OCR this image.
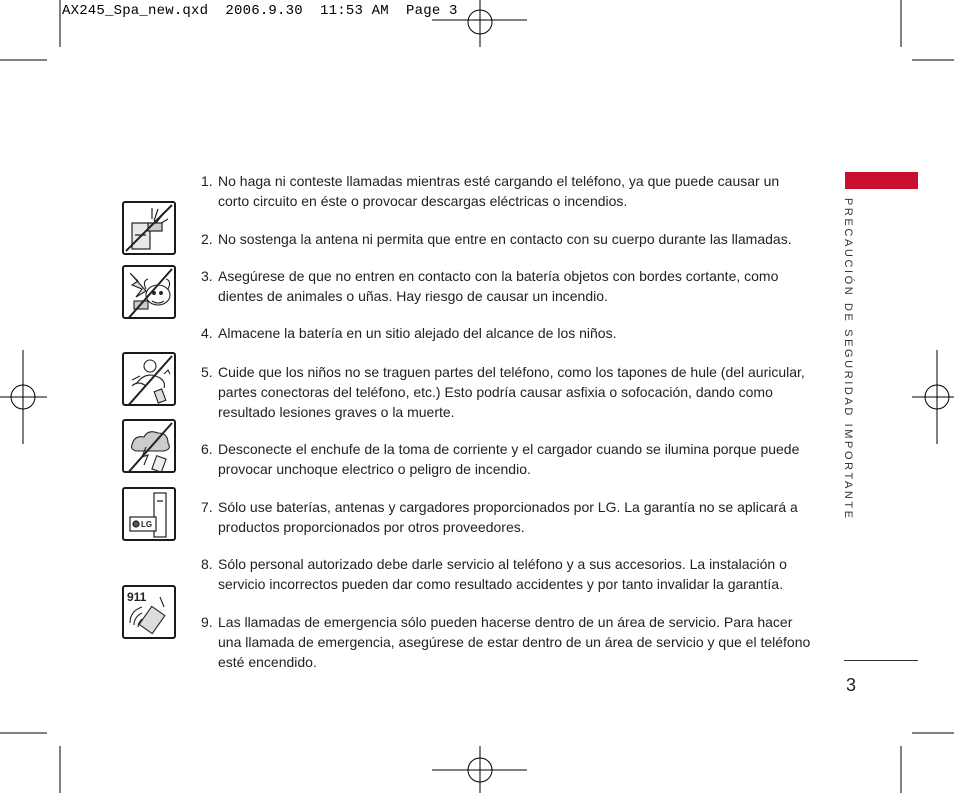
AX245_Spa_new.qxd  2006.9.30  11:53 AM  Page 3
LG
911
1. No haga ni conteste llamadas mientras esté cargando el teléfono, ya que puede causar un corto circuito en éste o provocar descargas eléctricas o incendios.
2. No sostenga la antena ni permita que entre en contacto con su cuerpo durante las llamadas.
3. Asegúrese de que no entren en contacto con la batería objetos con bordes cortante, como dientes de animales o uñas. Hay riesgo de causar un incendio.
4. Almacene la batería en un sitio alejado del alcance de los niños.
5. Cuide que los niños no se traguen partes del teléfono, como los tapones de hule (del auricular, partes conectoras del teléfono, etc.) Esto podría causar asfixia o sofocación, dando como resultado lesiones graves o la muerte.
6. Desconecte el enchufe de la toma de corriente y el cargador cuando se ilumina porque puede provocar unchoque electrico o peligro de incendio.
7. Sólo use baterías, antenas y cargadores proporcionados por LG. La garantía no se aplicará a productos proporcionados por otros proveedores.
8. Sólo personal autorizado debe darle servicio al teléfono y a sus accesorios. La instalación o servicio incorrectos pueden dar como resultado accidentes y por tanto invalidar la garantía.
9. Las llamadas de emergencia sólo pueden hacerse dentro de un área de servicio. Para hacer una llamada de emergencia, asegúrese de estar dentro de un área de servicio y que el teléfono esté encendido.
PRECAUCIÓN DE SEGURIDAD IMPORTANTE
3
